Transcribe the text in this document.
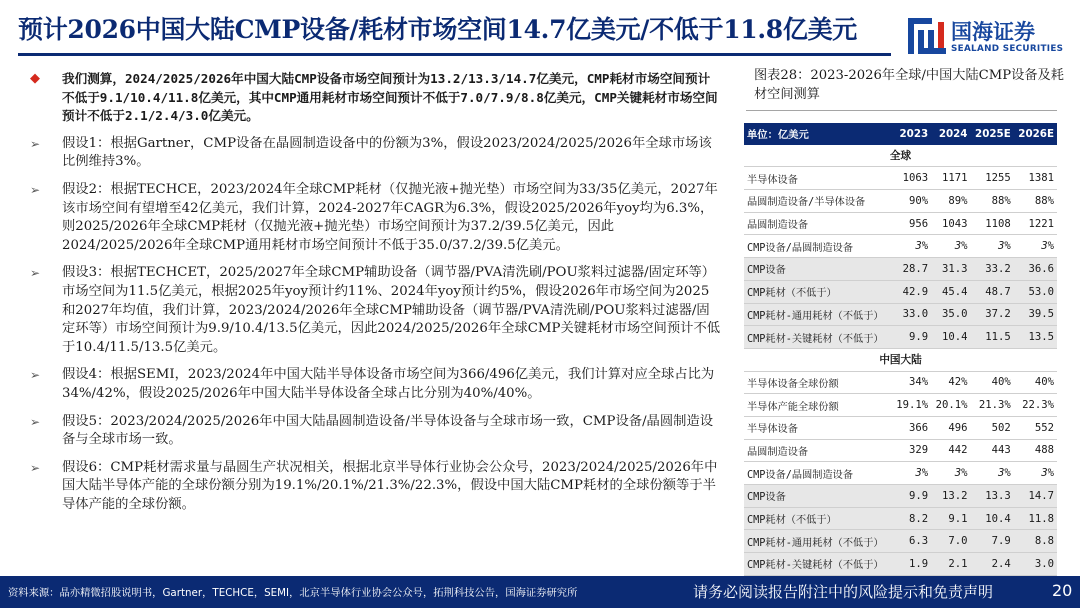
预计2026中国大陆CMP设备/耗材市场空间14.7亿美元/不低于11.8亿美元	国海证券
SEALAND SECURITIES
◆ 我们测算，2024/2025/2026年中国大陆CMP设备市场空间预计为13.2/13.3/14.7亿美元，CMP耗材市场空间预计不低于9.1/10.4/11.8亿美元，其中CMP通用耗材市场空间预计不低于7.0/7.9/8.8亿美元，CMP关键耗材市场空间预计不低于2.1/2.4/3.0亿美元。
➢ 假设1：根据Gartner，CMP设备在晶圆制造设备中的份额为3%，假设2023/2024/2025/2026年全球市场该比例维持3%。
➢ 假设2：根据TECHCE，2023/2024年全球CMP耗材（仅抛光液+抛光垫）市场空间为33/35亿美元，2027年该市场空间有望增至42亿美元，我们计算，2024-2027年CAGR为6.3%，假设2025/2026年yoy均为6.3%，则2025/2026年全球CMP耗材（仅抛光液+抛光垫）市场空间预计为37.2/39.5亿美元，因此2024/2025/2026年全球CMP通用耗材市场空间预计不低于35.0/37.2/39.5亿美元。
➢ 假设3：根据TECHCET，2025/2027年全球CMP辅助设备（调节器/PVA清洗刷/POU浆料过滤器/固定环等）市场空间为11.5亿美元，根据2025年yoy预计约11%、2024年yoy预计约5%，假设2026年市场空间为2025和2027年均值，我们计算，2023/2024/2026年全球CMP辅助设备（调节器/PVA清洗刷/POU浆料过滤器/固定环等）市场空间预计为9.9/10.4/13.5亿美元，因此2024/2025/2026年全球CMP关键耗材市场空间预计不低于10.4/11.5/13.5亿美元。
➢ 假设4：根据SEMI，2023/2024年中国大陆半导体设备市场空间为366/496亿美元，我们计算对应全球占比为34%/42%，假设2025/2026年中国大陆半导体设备全球占比分别为40%/40%。
➢ 假设5：2023/2024/2025/2026年中国大陆晶圆制造设备/半导体设备与全球市场一致，CMP设备/晶圆制造设备与全球市场一致。
➢ 假设6：CMP耗材需求量与晶圆生产状况相关，根据北京半导体行业协会公众号，2023/2024/2025/2026年中国大陆半导体产能的全球份额分别为19.1%/20.1%/21.3%/22.3%，假设中国大陆CMP耗材的全球份额等于半导体产能的全球份额。
图表28：2023-2026年全球/中国大陆CMP设备及耗材空间测算
单位：亿美元	2023	2024	2025E	2026E
全球				
半导体设备	1063	1171	1255	1381
晶圆制造设备/半导体设备	90%	89%	88%	88%
晶圆制造设备	956	1043	1108	1221
CMP设备/晶圆制造设备	3%	3%	3%	3%
CMP设备	28.7	31.3	33.2	36.6
CMP耗材（不低于）	42.9	45.4	48.7	53.0
CMP耗材-通用耗材（不低于）	33.0	35.0	37.2	39.5
CMP耗材-关键耗材（不低于）	9.9	10.4	11.5	13.5
中国大陆				
半导体设备全球份额	34%	42%	40%	40%
半导体产能全球份额	19.1%	20.1%	21.3%	22.3%
半导体设备	366	496	502	552
晶圆制造设备	329	442	443	488
CMP设备/晶圆制造设备	3%	3%	3%	3%
CMP设备	9.9	13.2	13.3	14.7
CMP耗材（不低于）	8.2	9.1	10.4	11.8
CMP耗材-通用耗材（不低于）	6.3	7.0	7.9	8.8
CMP耗材-关键耗材（不低于）	1.9	2.1	2.4	3.0
资料来源：晶亦精微招股说明书，Gartner，TECHCE，SEMI，北京半导体行业协会公众号，拓荆科技公告，国海证券研究所	请务必阅读报告附注中的风险提示和免责声明	20
